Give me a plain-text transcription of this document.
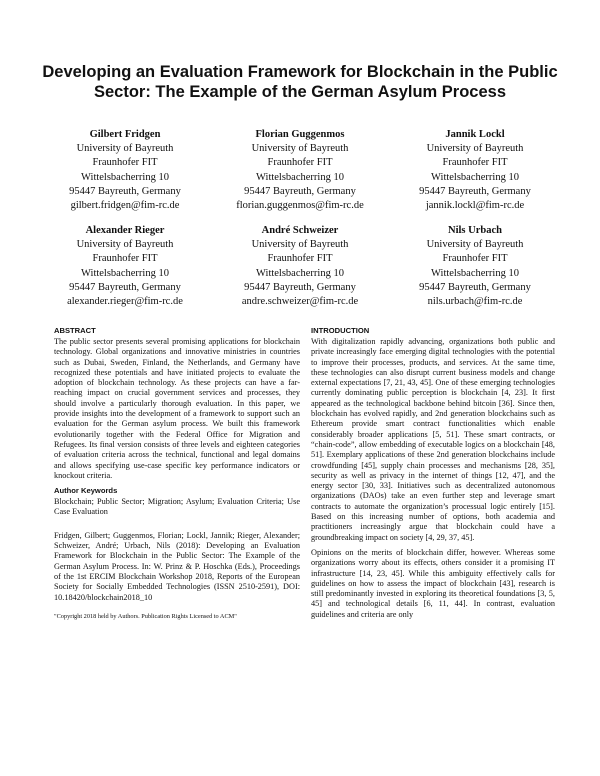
Developing an Evaluation Framework for Blockchain in the Public Sector: The Example of the German Asylum Process
Gilbert Fridgen
University of Bayreuth
Fraunhofer FIT
Wittelsbacherring 10
95447 Bayreuth, Germany
gilbert.fridgen@fim-rc.de
Florian Guggenmos
University of Bayreuth
Fraunhofer FIT
Wittelsbacherring 10
95447 Bayreuth, Germany
florian.guggenmos@fim-rc.de
Jannik Lockl
University of Bayreuth
Fraunhofer FIT
Wittelsbacherring 10
95447 Bayreuth, Germany
jannik.lockl@fim-rc.de
Alexander Rieger
University of Bayreuth
Fraunhofer FIT
Wittelsbacherring 10
95447 Bayreuth, Germany
alexander.rieger@fim-rc.de
André Schweizer
University of Bayreuth
Fraunhofer FIT
Wittelsbacherring 10
95447 Bayreuth, Germany
andre.schweizer@fim-rc.de
Nils Urbach
University of Bayreuth
Fraunhofer FIT
Wittelsbacherring 10
95447 Bayreuth, Germany
nils.urbach@fim-rc.de
ABSTRACT

The public sector presents several promising applications for blockchain technology. Global organizations and innovative ministries in countries such as Dubai, Sweden, Finland, the Netherlands, and Germany have recognized these potentials and have initiated projects to evaluate the adoption of blockchain technology. As these projects can have a far-reaching impact on crucial government services and processes, they should involve a particularly thorough evaluation. In this paper, we provide insights into the development of a framework to support such an evaluation for the German asylum process. We built this framework evolutionarily together with the Federal Office for Migration and Refugees. Its final version consists of three levels and eighteen categories of evaluation criteria across the technical, functional and legal domains and allows specifying use-case specific key performance indicators or knockout criteria.

Author Keywords

Blockchain; Public Sector; Migration; Asylum; Evaluation Criteria; Use Case Evaluation

Fridgen, Gilbert; Guggenmos, Florian; Lockl, Jannik; Rieger, Alexander; Schweizer, André; Urbach, Nils (2018): Developing an Evaluation Framework for Blockchain in the Public Sector: The Example of the German Asylum Process. In: W. Prinz & P. Hoschka (Eds.), Proceedings of the 1st ERCIM Blockchain Workshop 2018, Reports of the European Society for Socially Embedded Technologies (ISSN 2510-2591), DOI: 10.18420/blockchain2018_10

"Copyright 2018 held by Authors. Publication Rights Licensed to ACM"
INTRODUCTION

With digitalization rapidly advancing, organizations both public and private increasingly face emerging digital technologies with the potential to improve their processes, products, and services. At the same time, these technologies can also disrupt current business models and change external expectations [7, 21, 43, 45]. One of these emerging technologies currently dominating public perception is blockchain [4, 23]. It first appeared as the technological backbone behind bitcoin [36]. Since then, blockchain has evolved rapidly, and 2nd generation blockchains such as Ethereum provide smart contract functionalities which enable considerably broader applications [5, 51]. These smart contracts, or “chain-code”, allow embedding of executable logics on a blockchain [48, 51]. Exemplary applications of these 2nd generation blockchains include crowdfunding [45], supply chain processes and mechanisms [28, 35], security as well as privacy in the internet of things [12, 47], and the energy sector [30, 33]. Initiatives such as decentralized autonomous organizations (DAOs) take an even further step and leverage smart contracts to automate the organization’s processual logic entirely [15]. Based on this increasing number of options, both academia and practitioners increasingly argue that blockchain could have a groundbreaking impact on society [4, 29, 37, 45].

Opinions on the merits of blockchain differ, however. Whereas some organizations worry about its effects, others consider it a promising IT infrastructure [14, 23, 45]. While this ambiguity effectively calls for guidelines on how to assess the impact of blockchain [43], research is still predominantly invested in exploring its theoretical foundations [3, 5, 45] and technological details [6, 11, 44]. In contrast, evaluation guidelines and criteria are only
